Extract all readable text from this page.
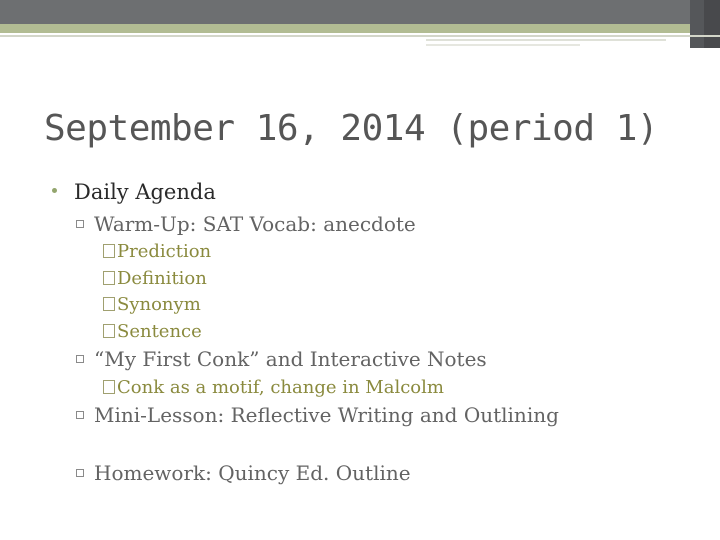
September 16, 2014 (period 1)
Daily Agenda
Warm-Up: SAT Vocab: anecdote
Prediction
Definition
Synonym
Sentence
“My First Conk” and Interactive Notes
Conk as a motif, change in Malcolm
Mini-Lesson: Reflective Writing and Outlining
Homework: Quincy Ed. Outline
